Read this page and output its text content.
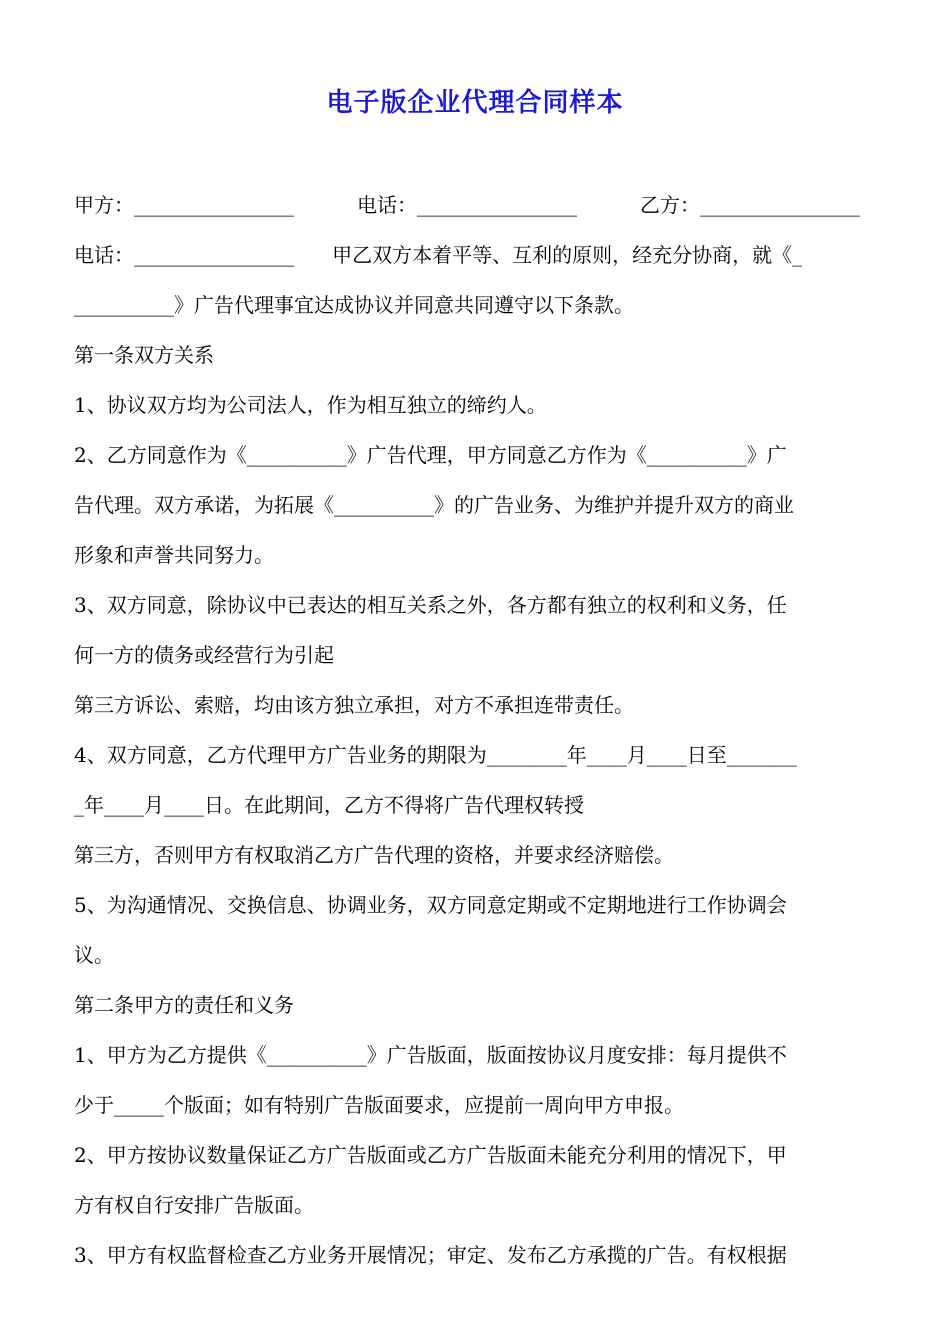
电子版企业代理合同样本
甲方：________________	电话：________________	乙方：________________
电话：________________      甲乙双方本着平等、互利的原则，经充分协商，就《_
__________》广告代理事宜达成协议并同意共同遵守以下条款。
第一条双方关系
1、协议双方均为公司法人，作为相互独立的缔约人。
2、乙方同意作为《__________》广告代理，甲方同意乙方作为《__________》广
告代理。双方承诺，为拓展《__________》的广告业务、为维护并提升双方的商业
形象和声誉共同努力。
3、双方同意，除协议中已表达的相互关系之外，各方都有独立的权利和义务，任
何一方的债务或经营行为引起
第三方诉讼、索赔，均由该方独立承担，对方不承担连带责任。
4、双方同意，乙方代理甲方广告业务的期限为________年____月____日至_______
_年____月____日。在此期间，乙方不得将广告代理权转授
第三方，否则甲方有权取消乙方广告代理的资格，并要求经济赔偿。
5、为沟通情况、交换信息、协调业务，双方同意定期或不定期地进行工作协调会
议。
第二条甲方的责任和义务
1、甲方为乙方提供《__________》广告版面，版面按协议月度安排：每月提供不
少于_____个版面；如有特别广告版面要求，应提前一周向甲方申报。
2、甲方按协议数量保证乙方广告版面或乙方广告版面未能充分利用的情况下，甲
方有权自行安排广告版面。
3、甲方有权监督检查乙方业务开展情况；审定、发布乙方承揽的广告。有权根据
